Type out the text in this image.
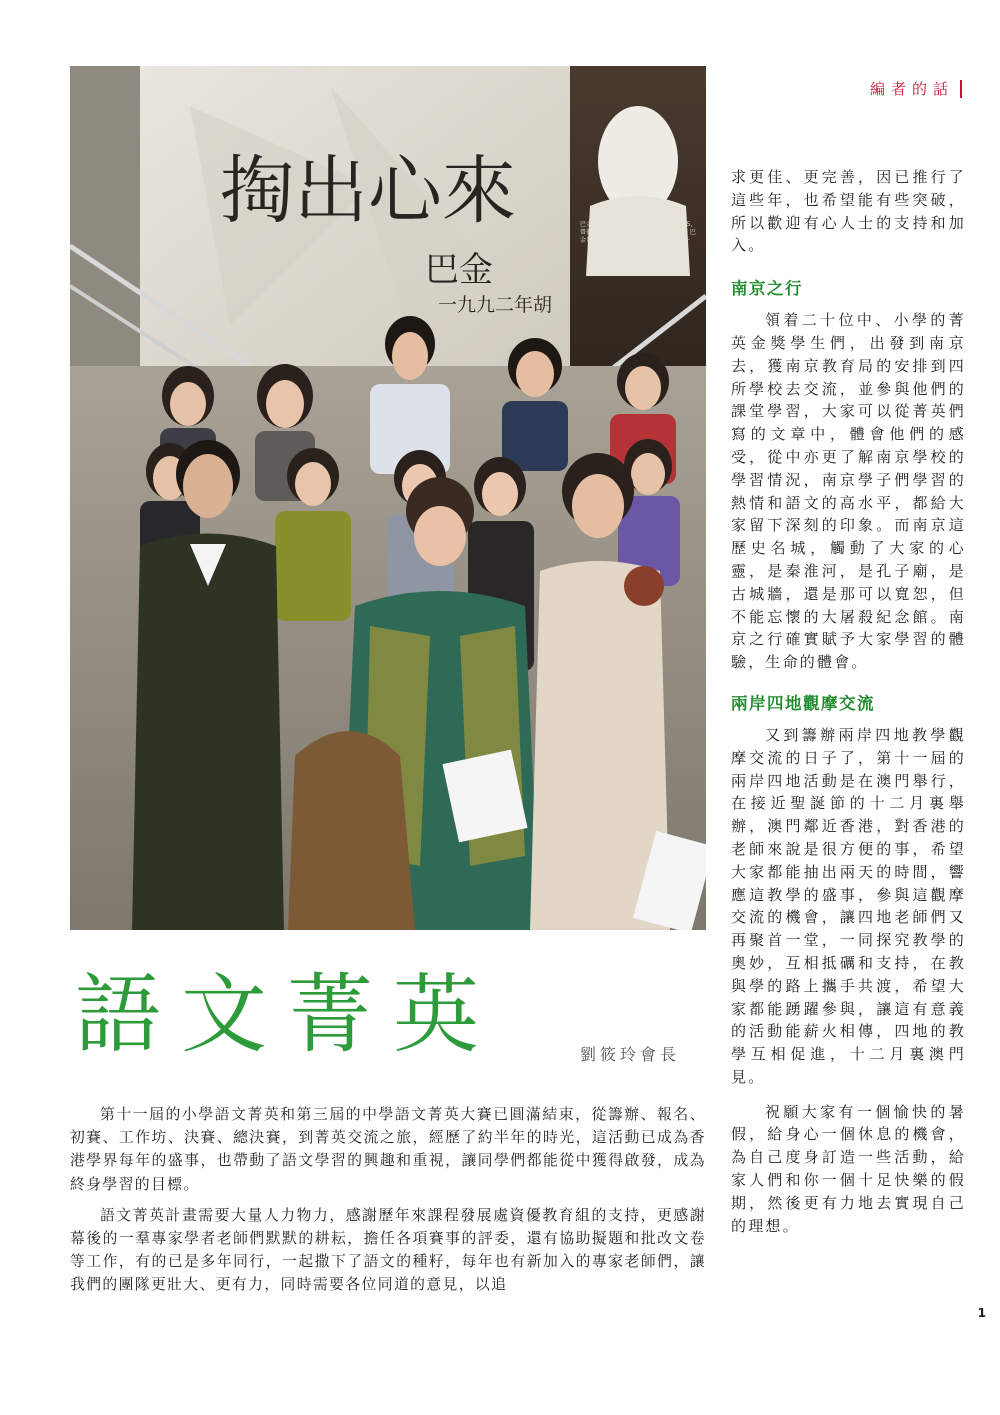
編者的話
掏出心來
巴金
一九九二年胡
巴金，原名李堯棠，四川人 1904—2005，曾擔任中國作協主席 作品有激流三部曲，巴金是現代 作家中生前作品最多的作家之一

求更佳、更完善，因已推行了這些年，也希望能有些突破，所以歡迎有心人士的支持和加入。

南京之行

領着二十位中、小學的菁英金獎學生們，出發到南京去，獲南京教育局的安排到四所學校去交流，並參與他們的課堂學習，大家可以從菁英們寫的文章中，體會他們的感受，從中亦更了解南京學校的學習情況，南京學子們學習的熱情和語文的高水平，都給大家留下深刻的印象。而南京這歷史名城，觸動了大家的心靈，是秦淮河，是孔子廟，是古城牆，還是那可以寬恕，但不能忘懷的大屠殺紀念館。南京之行確實賦予大家學習的體驗，生命的體會。

兩岸四地觀摩交流

又到籌辦兩岸四地教學觀摩交流的日子了，第十一屆的兩岸四地活動是在澳門舉行，在接近聖誕節的十二月裏舉辦，澳門鄰近香港，對香港的老師來說是很方便的事，希望大家都能抽出兩天的時間，響應這教學的盛事，參與這觀摩交流的機會，讓四地老師們又再聚首一堂，一同探究教學的奧妙，互相抵礪和支持，在教與學的路上攜手共渡，希望大家都能踴躍參與，讓這有意義的活動能薪火相傳，四地的教學互相促進，十二月裏澳門見。

祝願大家有一個愉快的暑假，給身心一個休息的機會，為自己度身訂造一些活動，給家人們和你一個十足快樂的假期，然後更有力地去實現自己的理想。

語文菁英	劉筱玲會長

第十一屆的小學語文菁英和第三屆的中學語文菁英大賽已圓滿結束，從籌辦、報名、初賽、工作坊、決賽、總決賽，到菁英交流之旅，經歷了約半年的時光，這活動已成為香港學界每年的盛事，也帶動了語文學習的興趣和重視，讓同學們都能從中獲得啟發，成為終身學習的目標。

語文菁英計畫需要大量人力物力，感謝歷年來課程發展處資優教育組的支持，更感謝幕後的一羣專家學者老師們默默的耕耘，擔任各項賽事的評委，還有協助擬題和批改文卷等工作，有的已是多年同行，一起撒下了語文的種籽，每年也有新加入的專家老師們，讓我們的團隊更壯大、更有力，同時需要各位同道的意見，以追

1
